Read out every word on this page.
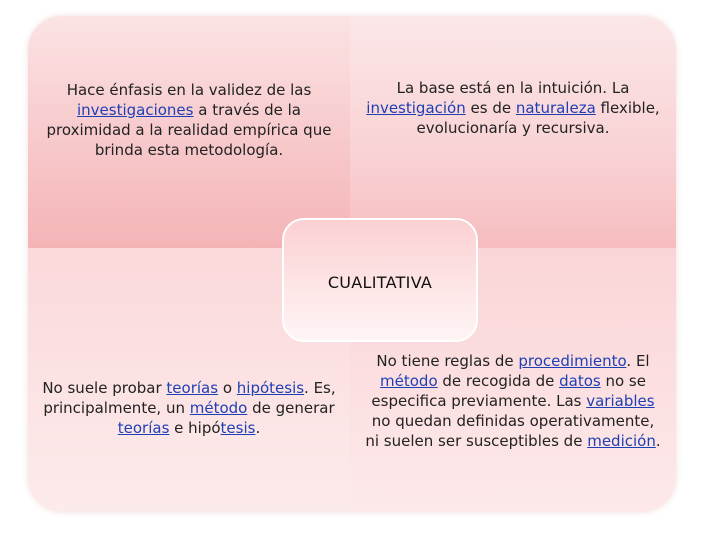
Hace énfasis en la validez de las
investigaciones a través de la proximidad a la realidad empírica que brinda esta metodología.

La base está en la intuición. La investigación es de naturaleza flexible, evolucionaría y recursiva.

No suele probar teorías o hipótesis. Es, principalmente, un método de generar teorías e hipótesis.

No tiene reglas de procedimiento. El método de recogida de datos no se especifica previamente. Las variables no quedan definidas operativamente, ni suelen ser susceptibles de medición.

CUALITATIVA
